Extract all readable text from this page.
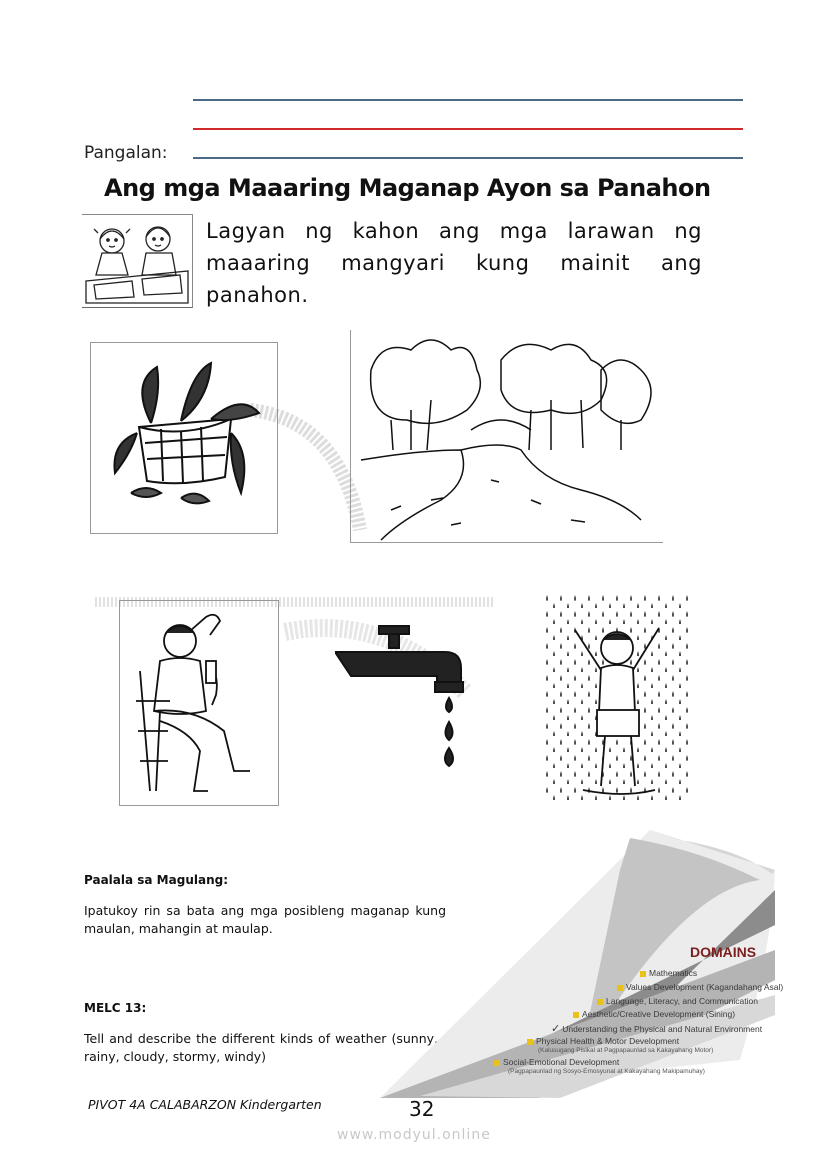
Pangalan:
Ang mga Maaaring Maganap Ayon sa Panahon
Lagyan ng kahon ang mga larawan ng maaaring mangyari kung mainit ang panahon.
Paalala sa Magulang:
Ipatukoy rin sa bata ang mga posibleng maganap kung maulan, mahangin at maulap.
MELC 13:
Tell and describe the different kinds of weather (sunny, rainy, cloudy, stormy, windy)
DOMAINS
Mathematics
Values Development (Kagandahang Asal)
Language, Literacy, and Communication
Aesthetic/Creative Development (Sining)
✓ Understanding the Physical and Natural Environment
Physical Health & Motor Development
(Kalusugang Pisikal at Pagpapaunlad sa Kakayahang Motor)
Social-Emotional Development
(Pagpapaunlad ng Sosyo-Emosyunal at Kakayahang Makipamuhay)
PIVOT 4A CALABARZON Kindergarten	32
www.modyul.online
